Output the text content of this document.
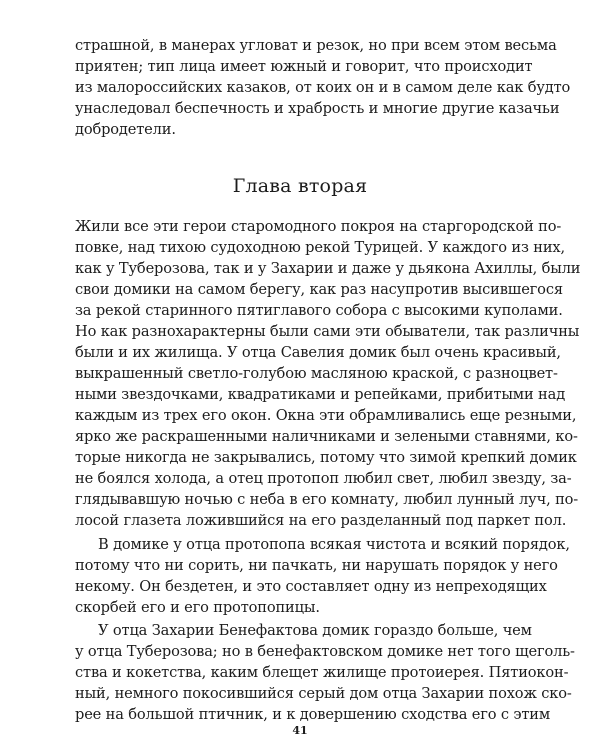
страшной, в манерах угловат и резок, но при всем этом весьма
приятен; тип лица имеет южный и говорит, что происходит
из малороссийских казаков, от коих он и в самом деле как будто
унаследовал беспечность и храбрость и многие другие казачьи
добродетели.
Глава вторая
Жили все эти герои старомодного покроя на старгородской по-
повке, над тихою судоходною рекой Турицей. У каждого из них,
как у Туберозова, так и у Захарии и даже у дьякона Ахиллы, были
свои домики на самом берегу, как раз насупротив высившегося
за рекой старинного пятиглавого собора с высокими куполами.
Но как разнохарактерны были сами эти обыватели, так различны
были и их жилища. У отца Савелия домик был очень красивый,
выкрашенный светло-голубою масляною краской, с разноцвет-
ными звездочками, квадратиками и репейками, прибитыми над
каждым из трех его окон. Окна эти обрамливались еще резными,
ярко же раскрашенными наличниками и зелеными ставнями, ко-
торые никогда не закрывались, потому что зимой крепкий домик
не боялся холода, а отец протопоп любил свет, любил звезду, за-
глядывавшую ночью с неба в его комнату, любил лунный луч, по-
лосой глазета ложившийся на его разделанный под паркет пол.
В домике у отца протопопа всякая чистота и всякий порядок,
потому что ни сорить, ни пачкать, ни нарушать порядок у него
некому. Он бездетен, и это составляет одну из непреходящих
скорбей его и его протопопицы.
У отца Захарии Бенефактова домик гораздо больше, чем
у отца Туберозова; но в бенефактовском домике нет того щеголь-
ства и кокетства, каким блещет жилище протоиерея. Пятиокон-
ный, немного покосившийся серый дом отца Захарии похож ско-
рее на большой птичник, и к довершению сходства его с этим
41
